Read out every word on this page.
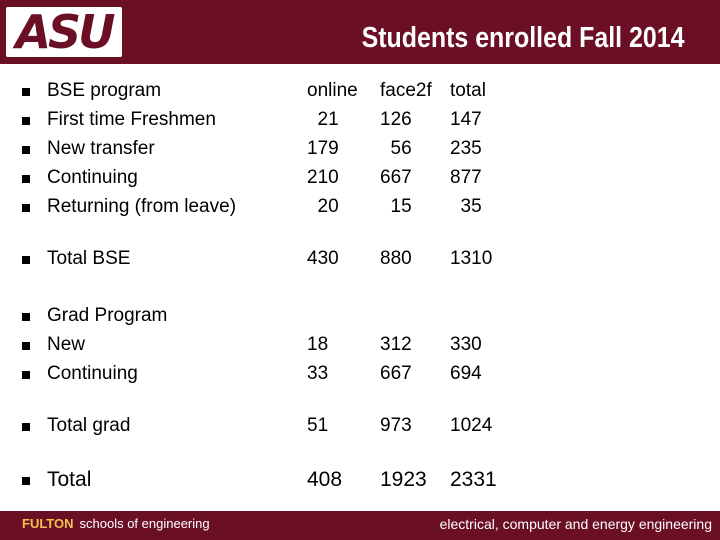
ASU	Students enrolled Fall 2014
BSE program	online face2f total
First time Freshmen	21 126 147
New transfer	179 56 235
Continuing	210 667 877
Returning (from leave)	20 15 35
Total BSE	430 880 1310
Grad Program
New	18	312 330
Continuing	33	667 694
Total grad	51	973 1024
Total	408 1923 2331
FULTON schools of engineering	electrical, computer and energy engineering
